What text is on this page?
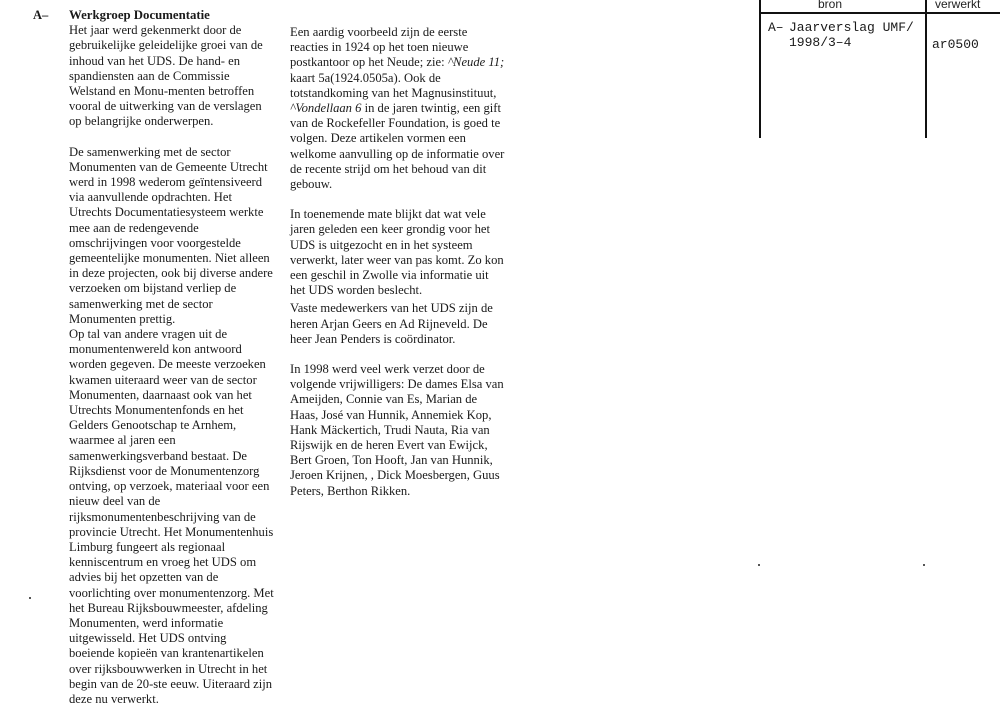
A– Werkgroep Documentatie

Het jaar werd gekenmerkt door de gebruikelijke geleidelijke groei van de inhoud van het UDS. De hand- en spandiensten aan de Commissie Welstand en Monu-menten betroffen vooral de uitwerking van de verslagen op belangrijke onderwerpen.

De samenwerking met de sector Monumenten van de Gemeente Utrecht werd in 1998 wederom geïntensiveerd via aanvullende opdrachten. Het Utrechts Documentatiesysteem werkte mee aan de redengevende omschrijvingen voor voorgestelde gemeentelijke monumenten. Niet alleen in deze projecten, ook bij diverse andere verzoeken om bijstand verliep de samenwerking met de sector Monumenten prettig.

Op tal van andere vragen uit de monumentenwereld kon antwoord worden gegeven. De meeste verzoeken kwamen uiteraard weer van de sector Monumenten, daarnaast ook van het Utrechts Monumentenfonds en het Gelders Genootschap te Arnhem, waarmee al jaren een samenwerkingsverband bestaat. De Rijksdienst voor de Monumentenzorg ontving, op verzoek, materiaal voor een nieuw deel van de rijksmonumentenbeschrijving van de provincie Utrecht. Het Monumentenhuis Limburg fungeert als regionaal kenniscentrum en vroeg het UDS om advies bij het opzetten van de voorlichting over monumentenzorg. Met het Bureau Rijksbouwmeester, afdeling Monumenten, werd informatie uitgewisseld. Het UDS ontving boeiende kopieën van krantenartikelen over rijksbouwwerken in Utrecht in het begin van de 20-ste eeuw. Uiteraard zijn deze nu verwerkt.

Een aardig voorbeeld zijn de eerste reacties in 1924 op het toen nieuwe postkantoor op het Neude; zie: ^Neude 11; kaart 5a(1924.0505a). Ook de totstandkoming van het Magnusinstituut, ^Vondellaan 6 in de jaren twintig, een gift van de Rockefeller Foundation, is goed te volgen. Deze artikelen vormen een welkome aanvulling op de informatie over de recente strijd om het behoud van dit gebouw.

In toenemende mate blijkt dat wat vele jaren geleden een keer grondig voor het UDS is uitgezocht en in het systeem verwerkt, later weer van pas komt. Zo kon een geschil in Zwolle via informatie uit het UDS worden beslecht.

Vaste medewerkers van het UDS zijn de heren Arjan Geers en Ad Rijneveld. De heer Jean Penders is coördinator.

In 1998 werd veel werk verzet door de volgende vrijwilligers: De dames Elsa van Ameijden, Connie van Es, Marian de Haas, José van Hunnik, Annemiek Kop, Hank Mäckertich, Trudi Nauta, Ria van Rijswijk en de heren Evert van Ewijck, Bert Groen, Ton Hooft, Jan van Hunnik, Jeroen Krijnen, , Dick Moesbergen, Guus Peters, Berthon Rikken.

bron	verwerkt
A– Jaarverslag UMF/
1998/3–4	ar0500
